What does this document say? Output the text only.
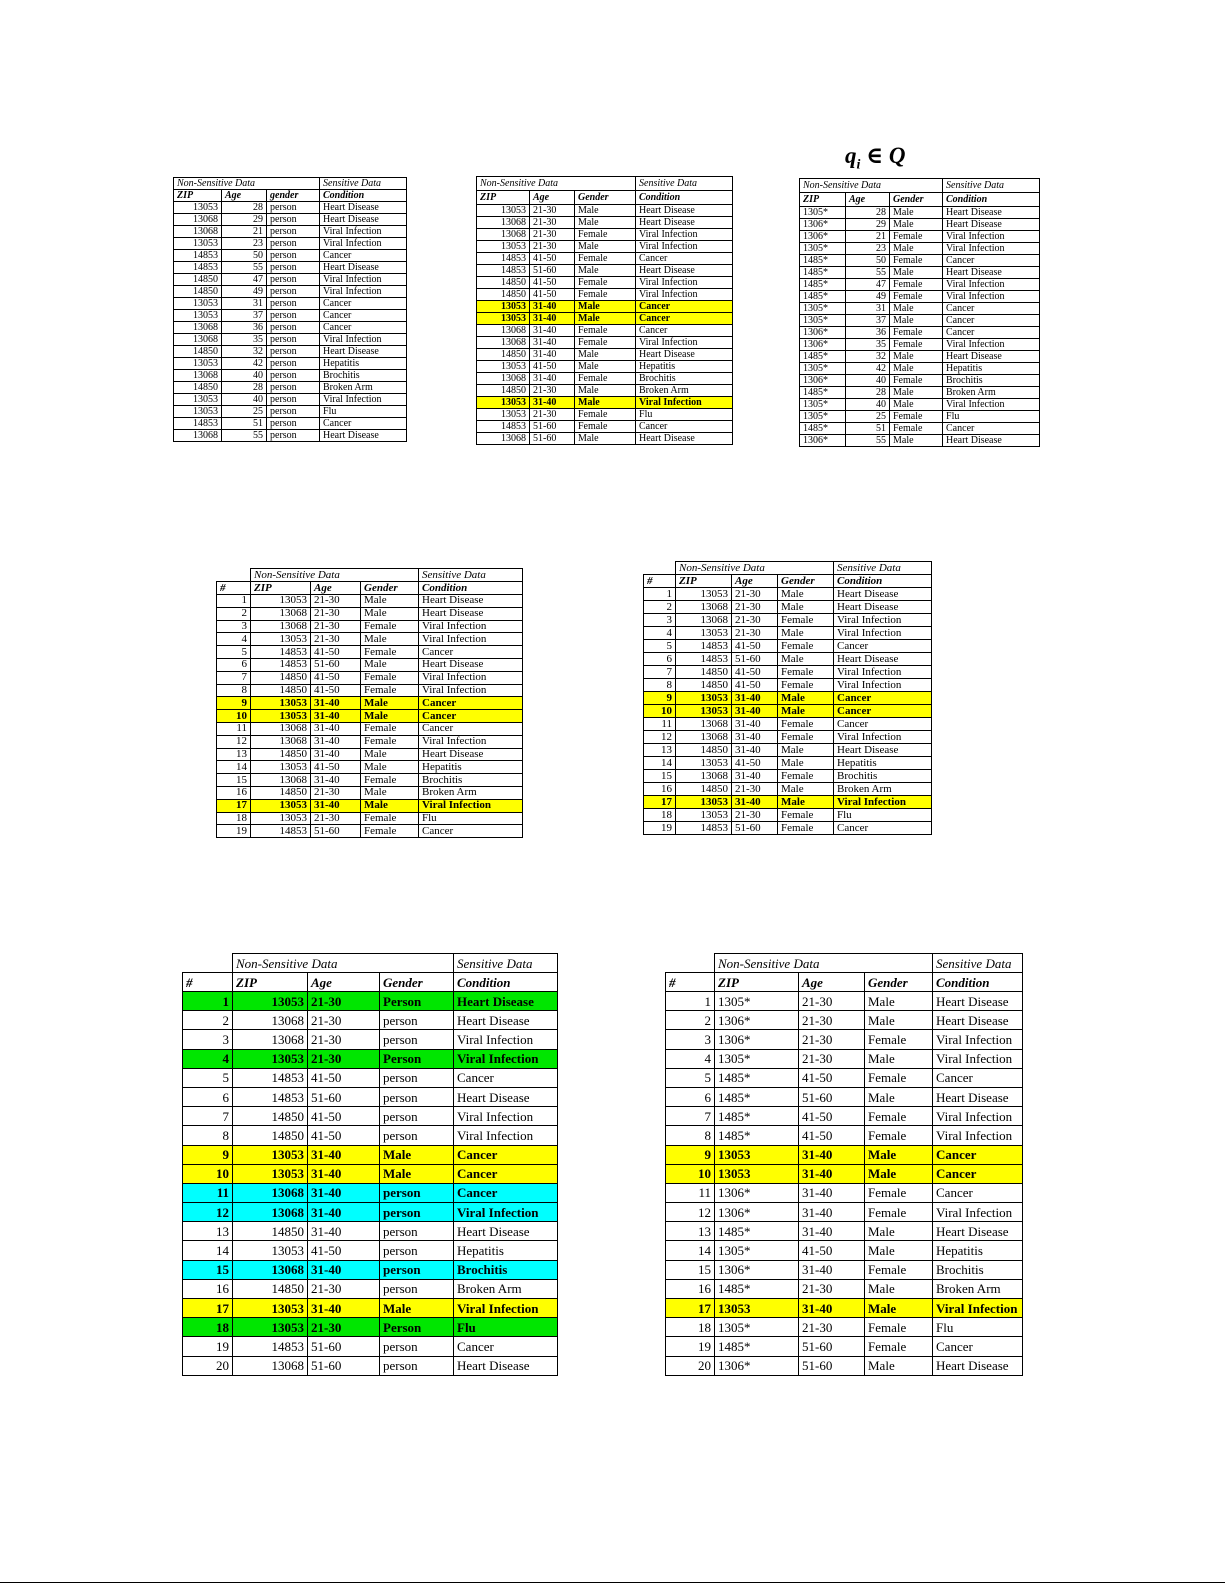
$q_i$ ∈ Q
Non-Sensitive Data			Sensitive Data
ZIP	Age	gender	Condition
13053	28	person	Heart Disease
13068	29	person	Heart Disease
13068	21	person	Viral Infection
13053	23	person	Viral Infection
14853	50	person	Cancer
14853	55	person	Heart Disease
14850	47	person	Viral Infection
14850	49	person	Viral Infection
13053	31	person	Cancer
13053	37	person	Cancer
13068	36	person	Cancer
13068	35	person	Viral Infection
14850	32	person	Heart Disease
13053	42	person	Hepatitis
13068	40	person	Brochitis
14850	28	person	Broken Arm
13053	40	person	Viral Infection
13053	25	person	Flu
14853	51	person	Cancer
13068	55	person	Heart Disease
Non-Sensitive Data			Sensitive Data
ZIP	Age	Gender	Condition
13053	21-30	Male	Heart Disease
13068	21-30	Male	Heart Disease
13068	21-30	Female	Viral Infection
13053	21-30	Male	Viral Infection
14853	41-50	Female	Cancer
14853	51-60	Male	Heart Disease
14850	41-50	Female	Viral Infection
14850	41-50	Female	Viral Infection
13053	31-40	Male	Cancer
13053	31-40	Male	Cancer
13068	31-40	Female	Cancer
13068	31-40	Female	Viral Infection
14850	31-40	Male	Heart Disease
13053	41-50	Male	Hepatitis
13068	31-40	Female	Brochitis
14850	21-30	Male	Broken Arm
13053	31-40	Male	Viral Infection
13053	21-30	Female	Flu
14853	51-60	Female	Cancer
13068	51-60	Male	Heart Disease
Non-Sensitive Data			Sensitive Data
ZIP	Age	Gender	Condition
1305*	28	Male	Heart Disease
1306*	29	Male	Heart Disease
1306*	21	Female	Viral Infection
1305*	23	Male	Viral Infection
1485*	50	Female	Cancer
1485*	55	Male	Heart Disease
1485*	47	Female	Viral Infection
1485*	49	Female	Viral Infection
1305*	31	Male	Cancer
1305*	37	Male	Cancer
1306*	36	Female	Cancer
1306*	35	Female	Viral Infection
1485*	32	Male	Heart Disease
1305*	42	Male	Hepatitis
1306*	40	Female	Brochitis
1485*	28	Male	Broken Arm
1305*	40	Male	Viral Infection
1305*	25	Female	Flu
1485*	51	Female	Cancer
1306*	55	Male	Heart Disease
	Non-Sensitive Data			Sensitive Data
#	ZIP	Age	Gender	Condition
1	13053	21-30	Male	Heart Disease
2	13068	21-30	Male	Heart Disease
3	13068	21-30	Female	Viral Infection
4	13053	21-30	Male	Viral Infection
5	14853	41-50	Female	Cancer
6	14853	51-60	Male	Heart Disease
7	14850	41-50	Female	Viral Infection
8	14850	41-50	Female	Viral Infection
9	13053	31-40	Male	Cancer
10	13053	31-40	Male	Cancer
11	13068	31-40	Female	Cancer
12	13068	31-40	Female	Viral Infection
13	14850	31-40	Male	Heart Disease
14	13053	41-50	Male	Hepatitis
15	13068	31-40	Female	Brochitis
16	14850	21-30	Male	Broken Arm
17	13053	31-40	Male	Viral Infection
18	13053	21-30	Female	Flu
19	14853	51-60	Female	Cancer
	Non-Sensitive Data			Sensitive Data
#	ZIP	Age	Gender	Condition
1	13053	21-30	Male	Heart Disease
2	13068	21-30	Male	Heart Disease
3	13068	21-30	Female	Viral Infection
4	13053	21-30	Male	Viral Infection
5	14853	41-50	Female	Cancer
6	14853	51-60	Male	Heart Disease
7	14850	41-50	Female	Viral Infection
8	14850	41-50	Female	Viral Infection
9	13053	31-40	Male	Cancer
10	13053	31-40	Male	Cancer
11	13068	31-40	Female	Cancer
12	13068	31-40	Female	Viral Infection
13	14850	31-40	Male	Heart Disease
14	13053	41-50	Male	Hepatitis
15	13068	31-40	Female	Brochitis
16	14850	21-30	Male	Broken Arm
17	13053	31-40	Male	Viral Infection
18	13053	21-30	Female	Flu
19	14853	51-60	Female	Cancer
	Non-Sensitive Data			Sensitive Data
#	ZIP	Age	Gender	Condition
1	13053	21-30	Person	Heart Disease
2	13068	21-30	person	Heart Disease
3	13068	21-30	person	Viral Infection
4	13053	21-30	Person	Viral Infection
5	14853	41-50	person	Cancer
6	14853	51-60	person	Heart Disease
7	14850	41-50	person	Viral Infection
8	14850	41-50	person	Viral Infection
9	13053	31-40	Male	Cancer
10	13053	31-40	Male	Cancer
11	13068	31-40	person	Cancer
12	13068	31-40	person	Viral Infection
13	14850	31-40	person	Heart Disease
14	13053	41-50	person	Hepatitis
15	13068	31-40	person	Brochitis
16	14850	21-30	person	Broken Arm
17	13053	31-40	Male	Viral Infection
18	13053	21-30	Person	Flu
19	14853	51-60	person	Cancer
20	13068	51-60	person	Heart Disease
	Non-Sensitive Data			Sensitive Data
#	ZIP	Age	Gender	Condition
1	1305*	21-30	Male	Heart Disease
2	1306*	21-30	Male	Heart Disease
3	1306*	21-30	Female	Viral Infection
4	1305*	21-30	Male	Viral Infection
5	1485*	41-50	Female	Cancer
6	1485*	51-60	Male	Heart Disease
7	1485*	41-50	Female	Viral Infection
8	1485*	41-50	Female	Viral Infection
9	13053	31-40	Male	Cancer
10	13053	31-40	Male	Cancer
11	1306*	31-40	Female	Cancer
12	1306*	31-40	Female	Viral Infection
13	1485*	31-40	Male	Heart Disease
14	1305*	41-50	Male	Hepatitis
15	1306*	31-40	Female	Brochitis
16	1485*	21-30	Male	Broken Arm
17	13053	31-40	Male	Viral Infection
18	1305*	21-30	Female	Flu
19	1485*	51-60	Female	Cancer
20	1306*	51-60	Male	Heart Disease
